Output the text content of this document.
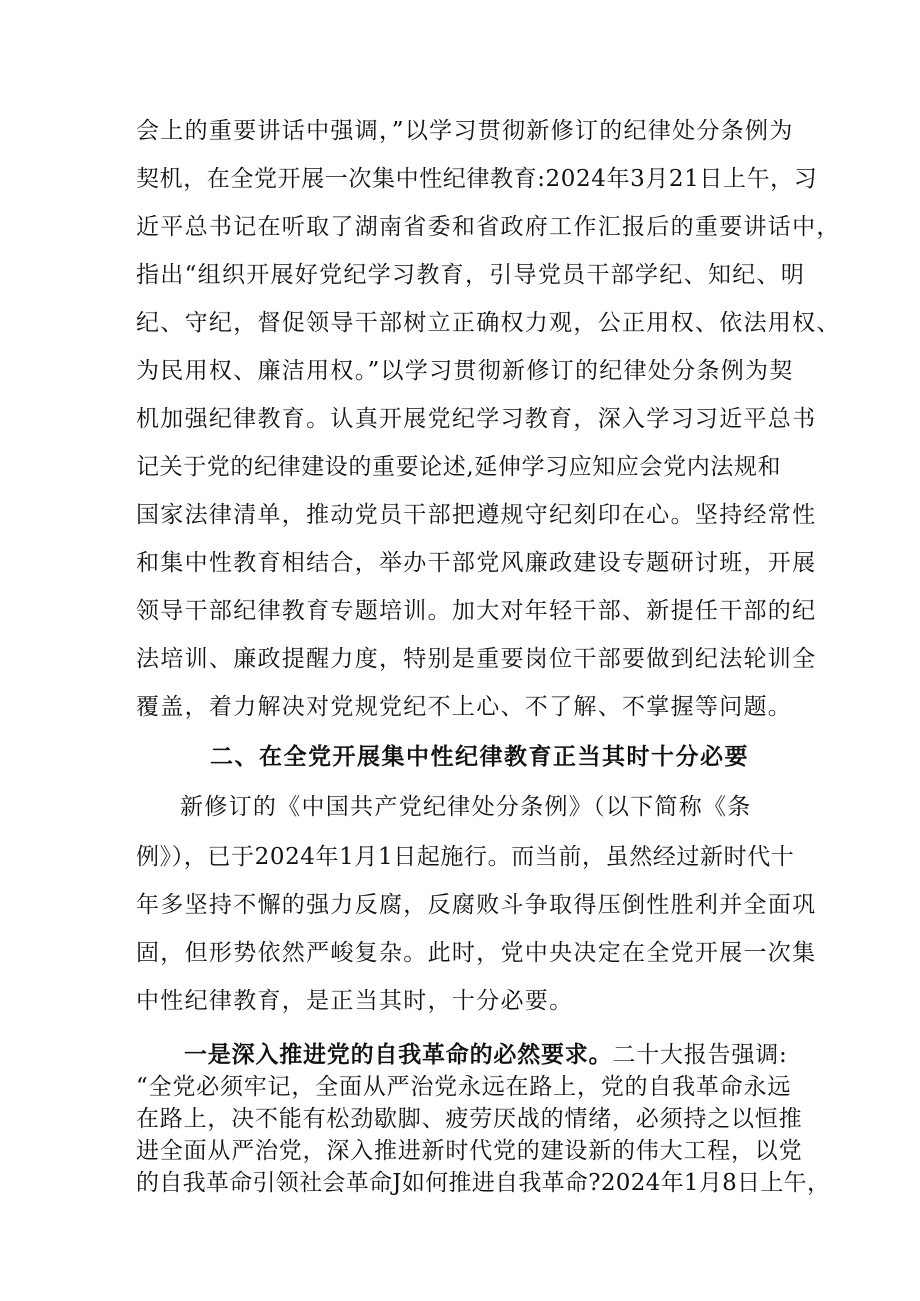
会上的重要讲话中强调，”以学习贯彻新修订的纪律处分条例为
契机，在全党开展一次集中性纪律教育:2024年3月21日上午，习
近平总书记在听取了湖南省委和省政府工作汇报后的重要讲话中，
指出“组织开展好党纪学习教育，引导党员干部学纪、知纪、明
纪、守纪，督促领导干部树立正确权力观，公正用权、依法用权、
为民用权、廉洁用权。”以学习贯彻新修订的纪律处分条例为契
机加强纪律教育。认真开展党纪学习教育，深入学习习近平总书
记关于党的纪律建设的重要论述,延伸学习应知应会党内法规和
国家法律清单，推动党员干部把遵规守纪刻印在心。坚持经常性
和集中性教育相结合，举办干部党风廉政建设专题研讨班，开展
领导干部纪律教育专题培训。加大对年轻干部、新提任干部的纪
法培训、廉政提醒力度，特别是重要岗位干部要做到纪法轮训全
覆盖，着力解决对党规党纪不上心、不了解、不掌握等问题。
二、在全党开展集中性纪律教育正当其时十分必要
新修订的《中国共产党纪律处分条例》（以下简称《条
例》），已于2024年1月1日起施行。而当前，虽然经过新时代十
年多坚持不懈的强力反腐，反腐败斗争取得压倒性胜利并全面巩
固，但形势依然严峻复杂。此时，党中央决定在全党开展一次集
中性纪律教育，是正当其时，十分必要。
一是深入推进党的自我革命的必然要求。二十大报告强调:
“全党必须牢记，全面从严治党永远在路上，党的自我革命永远
在路上，决不能有松劲歇脚、疲劳厌战的情绪，必须持之以恒推
进全面从严治党，深入推进新时代党的建设新的伟大工程，以党
的自我革命引领社会革命J如何推进自我革命?2024年1月8日上午，
